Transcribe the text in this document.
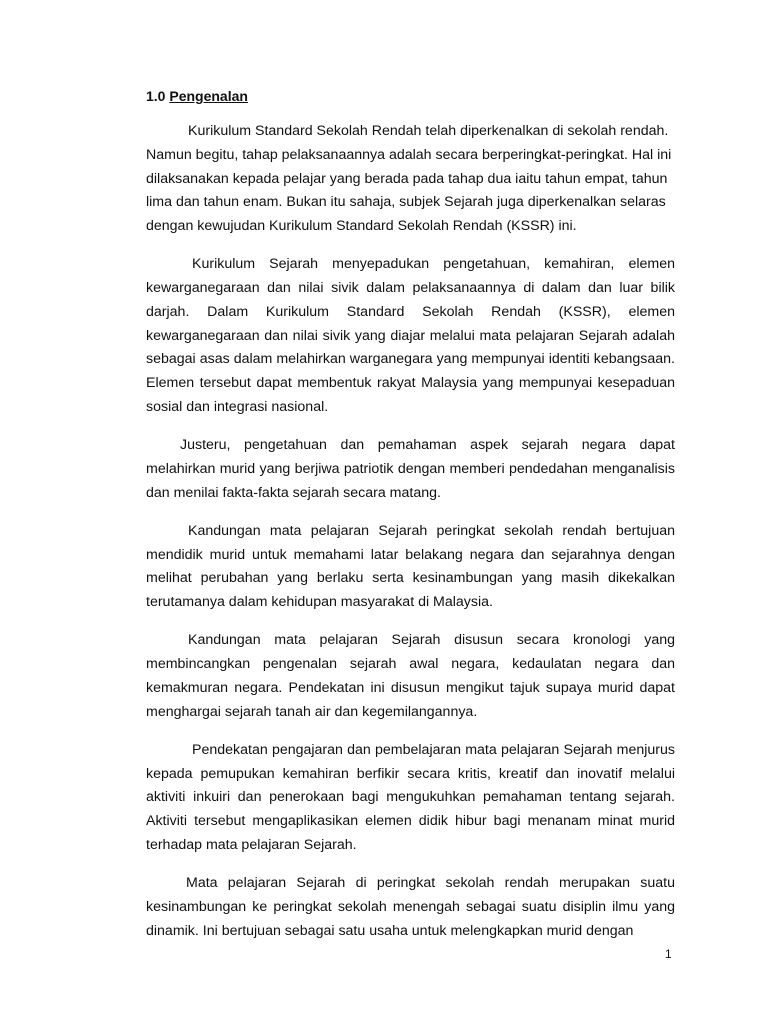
1.0 Pengenalan

Kurikulum Standard Sekolah Rendah telah diperkenalkan di sekolah rendah. Namun begitu, tahap pelaksanaannya adalah secara berperingkat-peringkat. Hal ini dilaksanakan kepada pelajar yang berada pada tahap dua iaitu tahun empat, tahun lima dan tahun enam. Bukan itu sahaja, subjek Sejarah juga diperkenalkan selaras dengan kewujudan Kurikulum Standard Sekolah Rendah (KSSR) ini.

Kurikulum Sejarah menyepadukan pengetahuan, kemahiran, elemen kewarganegaraan dan nilai sivik dalam pelaksanaannya di dalam dan luar bilik darjah. Dalam Kurikulum Standard Sekolah Rendah (KSSR), elemen kewarganegaraan dan nilai sivik yang diajar melalui mata pelajaran Sejarah adalah sebagai asas dalam melahirkan warganegara yang mempunyai identiti kebangsaan. Elemen tersebut dapat membentuk rakyat Malaysia yang mempunyai kesepaduan sosial dan integrasi nasional.

Justeru, pengetahuan dan pemahaman aspek sejarah negara dapat melahirkan murid yang berjiwa patriotik dengan memberi pendedahan menganalisis dan menilai fakta-fakta sejarah secara matang.

Kandungan mata pelajaran Sejarah peringkat sekolah rendah bertujuan mendidik murid untuk memahami latar belakang negara dan sejarahnya dengan melihat perubahan yang berlaku serta kesinambungan yang masih dikekalkan terutamanya dalam kehidupan masyarakat di Malaysia.

Kandungan mata pelajaran Sejarah disusun secara kronologi yang membincangkan pengenalan sejarah awal negara, kedaulatan negara dan kemakmuran negara. Pendekatan ini disusun mengikut tajuk supaya murid dapat menghargai sejarah tanah air dan kegemilangannya.

Pendekatan pengajaran dan pembelajaran mata pelajaran Sejarah menjurus kepada pemupukan kemahiran berfikir secara kritis, kreatif dan inovatif melalui aktiviti inkuiri dan penerokaan bagi mengukuhkan pemahaman tentang sejarah. Aktiviti tersebut mengaplikasikan elemen didik hibur bagi menanam minat murid terhadap mata pelajaran Sejarah.

Mata pelajaran Sejarah di peringkat sekolah rendah merupakan suatu kesinambungan ke peringkat sekolah menengah sebagai suatu disiplin ilmu yang dinamik. Ini bertujuan sebagai satu usaha untuk melengkapkan murid dengan

1
